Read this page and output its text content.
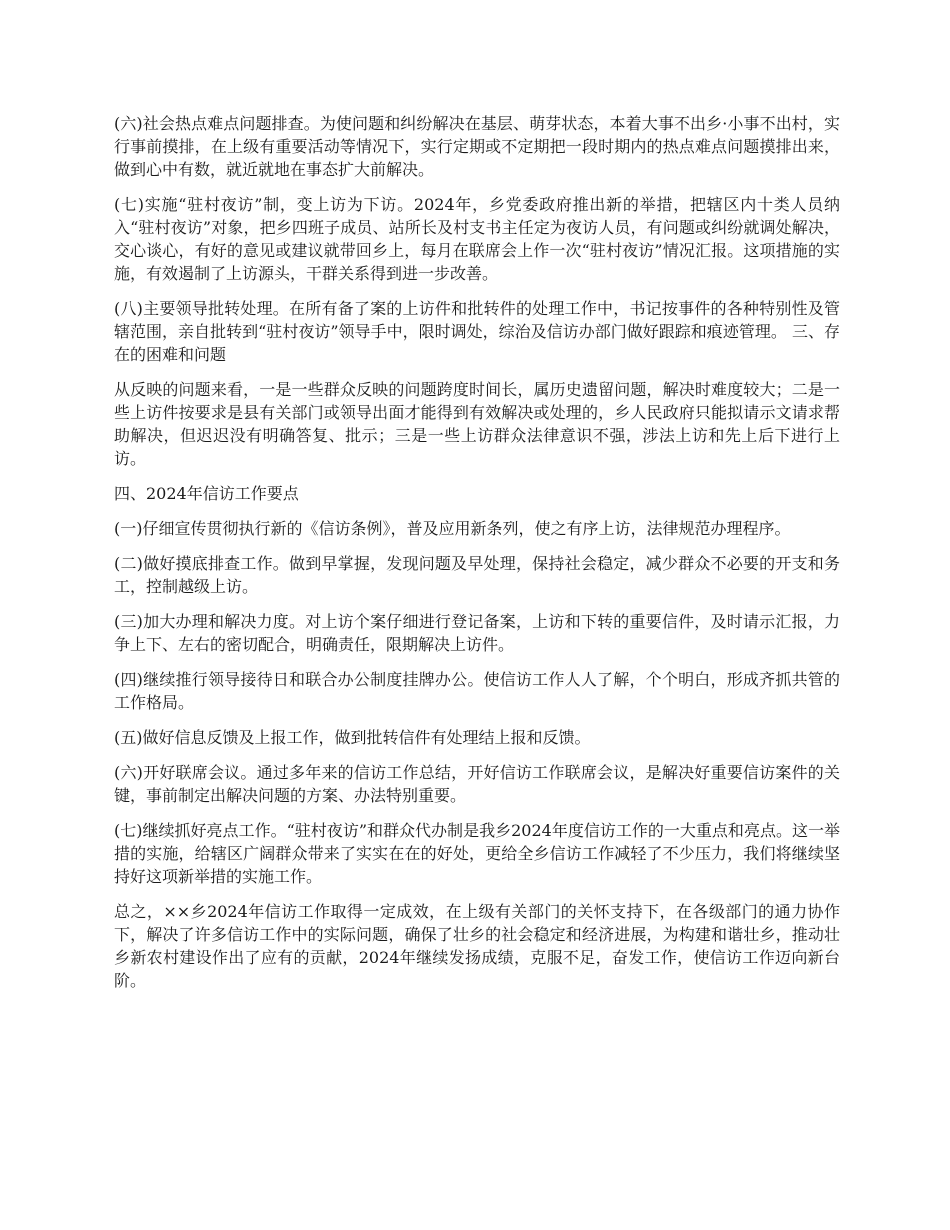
(六)社会热点难点问题排查。为使问题和纠纷解决在基层、萌芽状态，本着大事不出乡·小事不出村，实行事前摸排，在上级有重要活动等情况下，实行定期或不定期把一段时期内的热点难点问题摸排出来，做到心中有数，就近就地在事态扩大前解决。

(七)实施“驻村夜访”制，变上访为下访。2024年，乡党委政府推出新的举措，把辖区内十类人员纳入“驻村夜访”对象，把乡四班子成员、站所长及村支书主任定为夜访人员，有问题或纠纷就调处解决，交心谈心，有好的意见或建议就带回乡上，每月在联席会上作一次“驻村夜访”情况汇报。这项措施的实施，有效遏制了上访源头，干群关系得到进一步改善。

(八)主要领导批转处理。在所有备了案的上访件和批转件的处理工作中，书记按事件的各种特别性及管辖范围，亲自批转到“驻村夜访”领导手中，限时调处，综治及信访办部门做好跟踪和痕迹管理。 三、存在的困难和问题

从反映的问题来看，一是一些群众反映的问题跨度时间长，属历史遗留问题，解决时难度较大；二是一些上访件按要求是县有关部门或领导出面才能得到有效解决或处理的，乡人民政府只能拟请示文请求帮助解决，但迟迟没有明确答复、批示；三是一些上访群众法律意识不强，涉法上访和先上后下进行上访。

四、2024年信访工作要点

(一)仔细宣传贯彻执行新的《信访条例》，普及应用新条列，使之有序上访，法律规范办理程序。

(二)做好摸底排查工作。做到早掌握，发现问题及早处理，保持社会稳定，减少群众不必要的开支和务工，控制越级上访。

(三)加大办理和解决力度。对上访个案仔细进行登记备案，上访和下转的重要信件，及时请示汇报，力争上下、左右的密切配合，明确责任，限期解决上访件。

(四)继续推行领导接待日和联合办公制度挂牌办公。使信访工作人人了解，个个明白，形成齐抓共管的工作格局。

(五)做好信息反馈及上报工作，做到批转信件有处理结上报和反馈。

(六)开好联席会议。通过多年来的信访工作总结，开好信访工作联席会议，是解决好重要信访案件的关键，事前制定出解决问题的方案、办法特别重要。

(七)继续抓好亮点工作。“驻村夜访”和群众代办制是我乡2024年度信访工作的一大重点和亮点。这一举措的实施，给辖区广阔群众带来了实实在在的好处，更给全乡信访工作减轻了不少压力，我们将继续坚持好这项新举措的实施工作。

总之，××乡2024年信访工作取得一定成效，在上级有关部门的关怀支持下，在各级部门的通力协作下，解决了许多信访工作中的实际问题，确保了壮乡的社会稳定和经济进展，为构建和谐壮乡，推动壮乡新农村建设作出了应有的贡献，2024年继续发扬成绩，克服不足，奋发工作，使信访工作迈向新台阶。
